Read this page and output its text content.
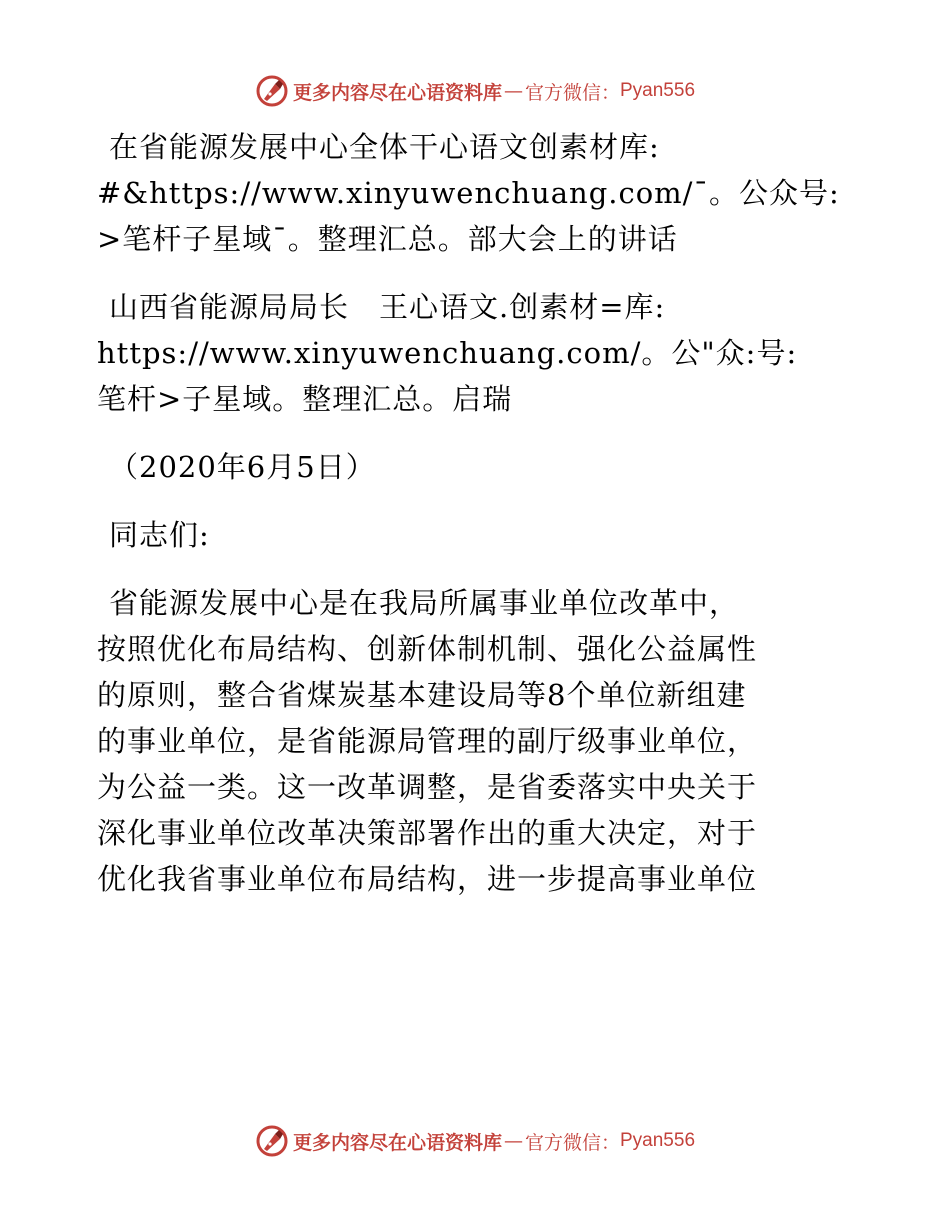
更多内容尽在心语资料库 — 官方微信： Pyan556

在省能源发展中心全体干心语文创素材库:
#&https://www.xinyuwenchuang.com/¯。公众号:
>笔杆子星域¯。整理汇总。部大会上的讲话

山西省能源局局长　王心语文.创素材=库:
https://www.xinyuwenchuang.com/。公"众:号:
笔杆>子星域。整理汇总。启瑞

（2020年6月5日）

同志们:

省能源发展中心是在我局所属事业单位改革中，
按照优化布局结构、创新体制机制、强化公益属性
的原则，整合省煤炭基本建设局等8个单位新组建
的事业单位，是省能源局管理的副厅级事业单位，
为公益一类。这一改革调整，是省委落实中央关于
深化事业单位改革决策部署作出的重大决定，对于
优化我省事业单位布局结构，进一步提高事业单位

更多内容尽在心语资料库 — 官方微信： Pyan556
